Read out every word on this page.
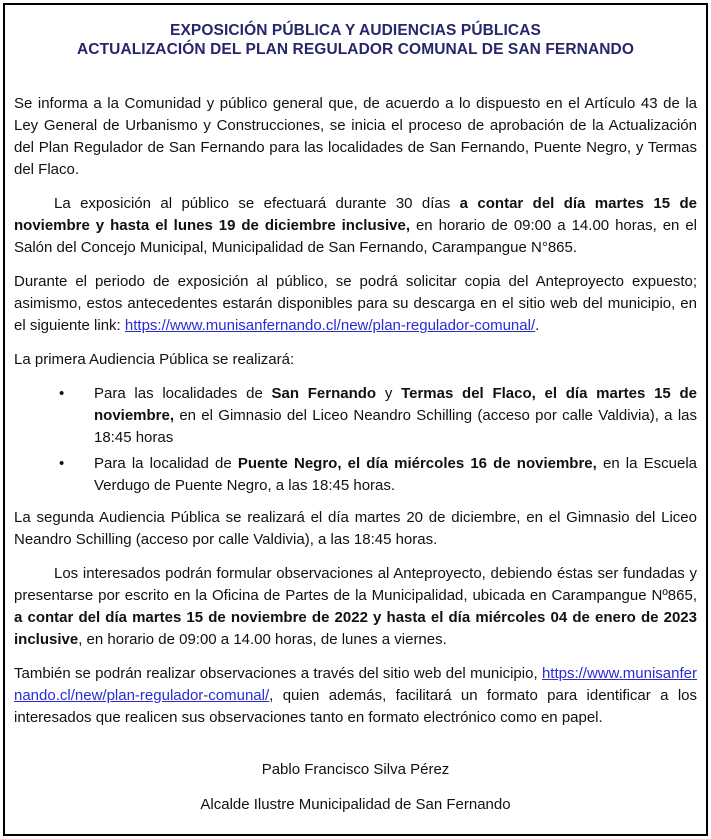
EXPOSICIÓN PÚBLICA Y AUDIENCIAS PÚBLICAS
ACTUALIZACIÓN DEL PLAN REGULADOR COMUNAL DE SAN FERNANDO

Se informa a la Comunidad y público general que, de acuerdo a lo dispuesto en el Artículo 43 de la Ley General de Urbanismo y Construcciones, se inicia el proceso de aprobación de la Actualización del Plan Regulador de San Fernando para las localidades de San Fernando, Puente Negro, y Termas del Flaco.

La exposición al público se efectuará durante 30 días a contar del día martes 15 de noviembre y hasta el lunes 19 de diciembre inclusive, en horario de 09:00 a 14.00 horas, en el Salón del Concejo Municipal, Municipalidad de San Fernando, Carampangue N°865.

Durante el periodo de exposición al público, se podrá solicitar copia del Anteproyecto expuesto; asimismo, estos antecedentes estarán disponibles para su descarga en el sitio web del municipio, en el siguiente link: https://www.munisanfernando.cl/new/plan-regulador-comunal/.

La primera Audiencia Pública se realizará:

• Para las localidades de San Fernando y Termas del Flaco, el día martes 15 de noviembre, en el Gimnasio del Liceo Neandro Schilling (acceso por calle Valdivia), a las 18:45 horas
• Para la localidad de Puente Negro, el día miércoles 16 de noviembre, en la Escuela Verdugo de Puente Negro, a las 18:45 horas.

La segunda Audiencia Pública se realizará el día martes 20 de diciembre, en el Gimnasio del Liceo Neandro Schilling (acceso por calle Valdivia), a las 18:45 horas.

Los interesados podrán formular observaciones al Anteproyecto, debiendo éstas ser fundadas y presentarse por escrito en la Oficina de Partes de la Municipalidad, ubicada en Carampangue Nº865, a contar del día martes 15 de noviembre de 2022 y hasta el día miércoles 04 de enero de 2023 inclusive, en horario de 09:00 a 14.00 horas, de lunes a viernes.

También se podrán realizar observaciones a través del sitio web del municipio, https://www.munisanfernando.cl/new/plan-regulador-comunal/, quien además, facilitará un formato para identificar a los interesados que realicen sus observaciones tanto en formato electrónico como en papel.

Pablo Francisco Silva Pérez

Alcalde Ilustre Municipalidad de San Fernando
